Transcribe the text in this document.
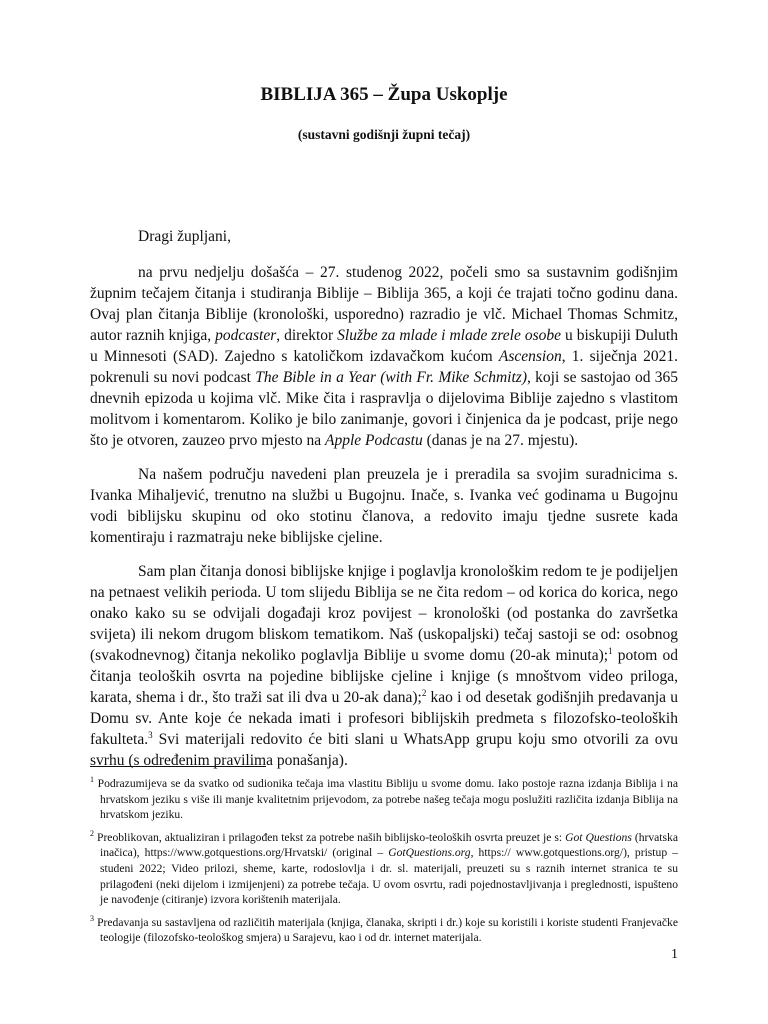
BIBLIJA 365 – Župa Uskoplje
(sustavni godišnji župni tečaj)

Dragi župljani,

na prvu nedjelju došašća – 27. studenog 2022, počeli smo sa sustavnim godišnjim župnim tečajem čitanja i studiranja Biblije – Biblija 365, a koji će trajati točno godinu dana. Ovaj plan čitanja Biblije (kronološki, usporedno) razradio je vlč. Michael Thomas Schmitz, autor raznih knjiga, podcaster, direktor Službe za mlade i mlade zrele osobe u biskupiji Duluth u Minnesoti (SAD). Zajedno s katoličkom izdavačkom kućom Ascension, 1. siječnja 2021. pokrenuli su novi podcast The Bible in a Year (with Fr. Mike Schmitz), koji se sastojao od 365 dnevnih epizoda u kojima vlč. Mike čita i raspravlja o dijelovima Biblije zajedno s vlastitom molitvom i komentarom. Koliko je bilo zanimanje, govori i činjenica da je podcast, prije nego što je otvoren, zauzeo prvo mjesto na Apple Podcastu (danas je na 27. mjestu).

Na našem području navedeni plan preuzela je i preradila sa svojim suradnicima s. Ivanka Mihaljević, trenutno na službi u Bugojnu. Inače, s. Ivanka već godinama u Bugojnu vodi biblijsku skupinu od oko stotinu članova, a redovito imaju tjedne susrete kada komentiraju i razmatraju neke biblijske cjeline.

Sam plan čitanja donosi biblijske knjige i poglavlja kronološkim redom te je podijeljen na petnaest velikih perioda. U tom slijedu Biblija se ne čita redom – od korica do korica, nego onako kako su se odvijali događaji kroz povijest – kronološki (od postanka do završetka svijeta) ili nekom drugom bliskom tematikom. Naš (uskopaljski) tečaj sastoji se od: osobnog (svakodnevnog) čitanja nekoliko poglavlja Biblije u svome domu (20-ak minuta);$^1$ potom od čitanja teoloških osvrta na pojedine biblijske cjeline i knjige (s mnoštvom video priloga, karata, shema i dr., što traži sat ili dva u 20-ak dana);$^2$ kao i od desetak godišnjih predavanja u Domu sv. Ante koje će nekada imati i profesori biblijskih predmeta s filozofsko-teoloških fakulteta.$^3$ Svi materijali redovito će biti slani u WhatsApp grupu koju smo otvorili za ovu svrhu (s određenim pravilima ponašanja).

$^1$ Podrazumijeva se da svatko od sudionika tečaja ima vlastitu Bibliju u svome domu. Iako postoje razna izdanja Biblija i na hrvatskom jeziku s više ili manje kvalitetnim prijevodom, za potrebe našeg tečaja mogu poslužiti različita izdanja Biblija na hrvatskom jeziku.
$^2$ Preoblikovan, aktualiziran i prilagođen tekst za potrebe naših biblijsko-teoloških osvrta preuzet je s: Got Questions (hrvatska inačica), https://www.gotquestions.org/Hrvatski/ (original – GotQuestions.org, https:// www.gotquestions.org/), pristup – studeni 2022; Video prilozi, sheme, karte, rodoslovlja i dr. sl. materijali, preuzeti su s raznih internet stranica te su prilagođeni (neki dijelom i izmijenjeni) za potrebe tečaja. U ovom osvrtu, radi pojednostavljivanja i preglednosti, ispušteno je navođenje (citiranje) izvora korištenih materijala.
$^3$ Predavanja su sastavljena od različitih materijala (knjiga, članaka, skripti i dr.) koje su koristili i koriste studenti Franjevačke teologije (filozofsko-teološkog smjera) u Sarajevu, kao i od dr. internet materijala.
1
